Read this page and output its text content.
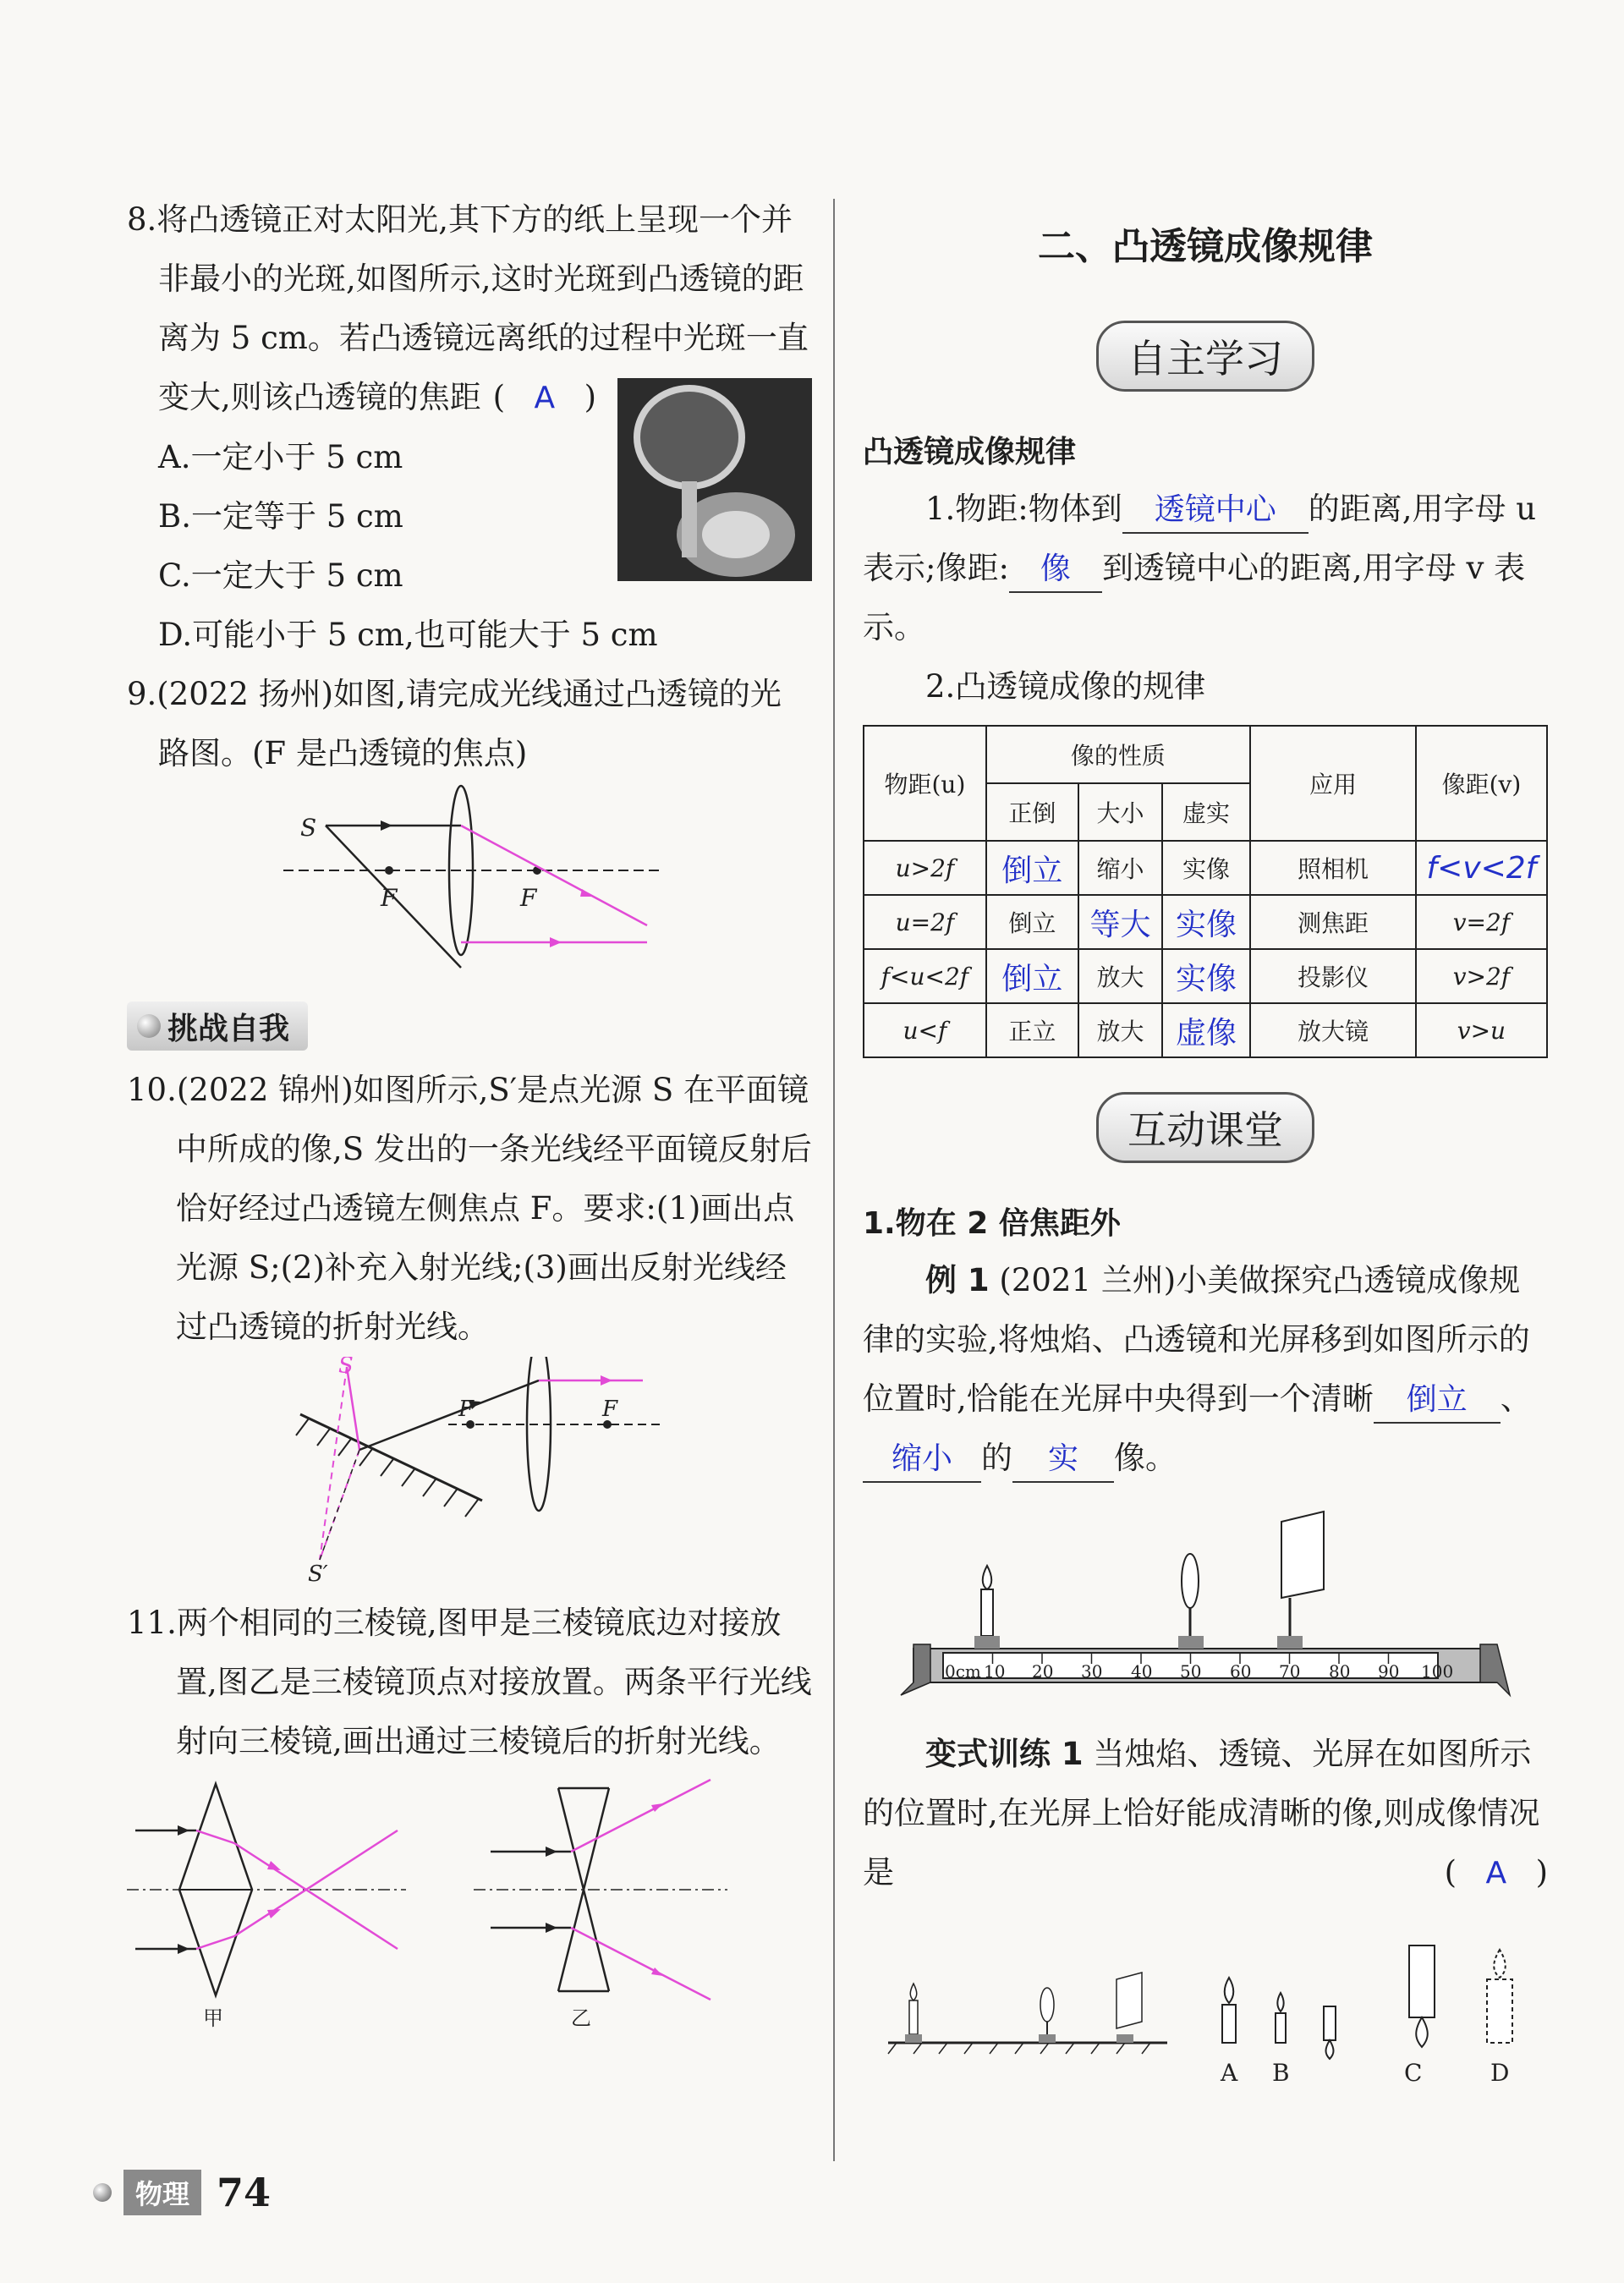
8.将凸透镜正对太阳光,其下方的纸上呈现一个并非最小的光斑,如图所示,这时光斑到凸透镜的距离为 5 cm。若凸透镜远离纸的过程中光斑一直变大,则该凸透镜的焦距 ( A )

A.一定小于 5 cm

B.一定等于 5 cm

C.一定大于 5 cm

D.可能小于 5 cm,也可能大于 5 cm

9.(2022 扬州)如图,请完成光线通过凸透镜的光路图。(F 是凸透镜的焦点)

S
F	F
挑战自我

10.(2022 锦州)如图所示,S′是点光源 S 在平面镜中所成的像,S 发出的一条光线经平面镜反射后恰好经过凸透镜左侧焦点 F。要求:(1)画出点光源 S;(2)补充入射光线;(3)画出反射光线经过凸透镜的折射光线。

S
S′
F	F

11.两个相同的三棱镜,图甲是三棱镜底边对接放置,图乙是三棱镜顶点对接放置。两条平行光线射向三棱镜,画出通过三棱镜后的折射光线。

甲	乙
二、凸透镜成像规律
自主学习

凸透镜成像规律

1.物距:物体到 透镜中心 的距离,用字母 u 表示;像距: 像 到透镜中心的距离,用字母 v 表示。

2.凸透镜成像的规律

物距(u)	像的性质			应用	像距(v)
	正倒	大小	虚实		
u>2f	倒立	缩小	实像	照相机	f<v<2f
u=2f	倒立	等大	实像	测焦距	v=2f
f<u<2f	倒立	放大	实像	投影仪	v>2f
u<f	正立	放大	虚像	放大镜	v>u
互动课堂

1.物在 2 倍焦距外

例 1 (2021 兰州)小美做探究凸透镜成像规律的实验,将烛焰、凸透镜和光屏移到如图所示的位置时,恰能在光屏中央得到一个清晰 倒立 、缩小 的 实 像。

0cm 10 20 30 40 50 60 70 80 90 100

变式训练 1 当烛焰、透镜、光屏在如图所示的位置时,在光屏上恰好能成清晰的像,则成像情况是	( A )

A B	C	D
物理 74
